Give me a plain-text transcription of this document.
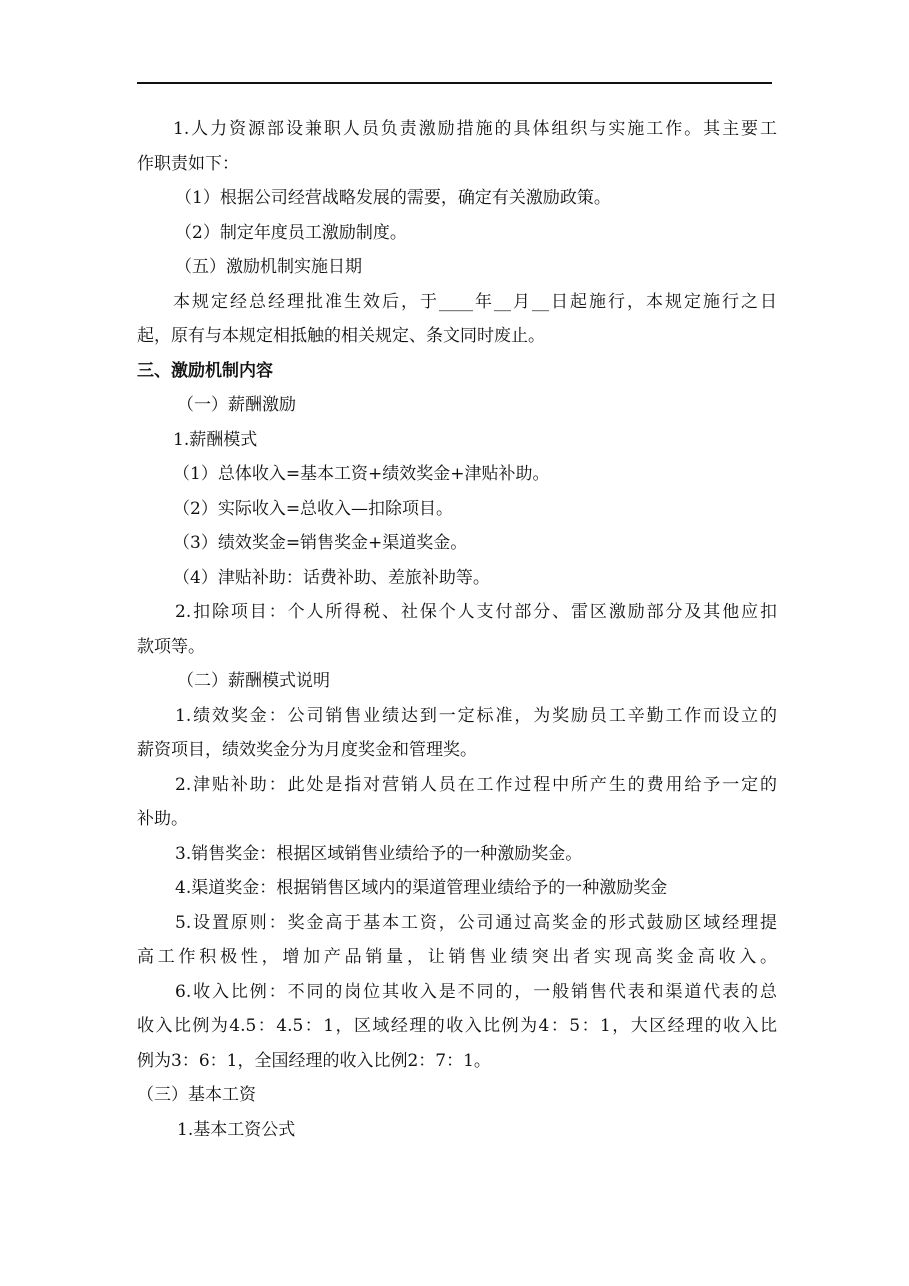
1.人力资源部设兼职人员负责激励措施的具体组织与实施工作。其主要工

作职责如下：

（1）根据公司经营战略发展的需要，确定有关激励政策。

（2）制定年度员工激励制度。

（五）激励机制实施日期

本规定经总经理批准生效后，于____年__月__日起施行，本规定施行之日

起，原有与本规定相抵触的相关规定、条文同时废止。

三、激励机制内容

（一）薪酬激励

1.薪酬模式

（1）总体收入=基本工资+绩效奖金+津贴补助。

（2）实际收入=总收入—扣除项目。

（3）绩效奖金=销售奖金+渠道奖金。

（4）津贴补助：话费补助、差旅补助等。

2.扣除项目：个人所得税、社保个人支付部分、雷区激励部分及其他应扣

款项等。

（二）薪酬模式说明

1.绩效奖金：公司销售业绩达到一定标准，为奖励员工辛勤工作而设立的

薪资项目，绩效奖金分为月度奖金和管理奖。

2.津贴补助：此处是指对营销人员在工作过程中所产生的费用给予一定的

补助。

3.销售奖金：根据区域销售业绩给予的一种激励奖金。

4.渠道奖金：根据销售区域内的渠道管理业绩给予的一种激励奖金

5.设置原则：奖金高于基本工资，公司通过高奖金的形式鼓励区域经理提

高工作积极性，增加产品销量，让销售业绩突出者实现高奖金高收入。

6.收入比例：不同的岗位其收入是不同的，一般销售代表和渠道代表的总

收入比例为4.5：4.5：1，区域经理的收入比例为4：5：1，大区经理的收入比

例为3：6：1，全国经理的收入比例2：7：1。

（三）基本工资

1.基本工资公式
